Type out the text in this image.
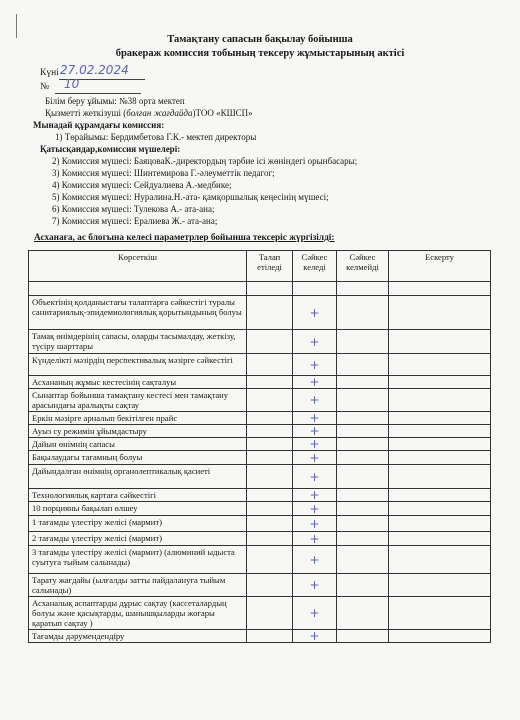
Тамақтану сапасын бақылау бойынша
бракераж комиссия тобының тексеру жұмыстарының актісі
Күні 27.02.2024
№ 10
Білім беру ұйымы: №38 орта мектеп
Қызметті жеткізуші (болған жағдайда)ТОО «КШСП»
Мынадай құрамдағы комиссия:
1) Төрайымы: Бердимбетова Г.К.- мектеп директоры
Қатысқандар,комиссия мүшелері:
2) Комиссия мүшесі: БаяцоваК.-директордың тәрбие ісі жөніндегі орынбасары;
3) Комиссия мүшесі: Шинтемирова Г.-әлеуметтік педагог;
4) Комиссия мүшесі: Сейдуалиева А.-медбике;
5) Комиссия мүшесі: Нуралина.Н.-ата- қамқоршылық кеңесінің мүшесі;
6) Комиссия мүшесі: Тулекова А.- ата-ана;
7) Комиссия мүшесі: Ералиева Ж.- ата-ана;
Асханаға, ас блогына келесі параметрлер бойынша тексеріс жүргізілді:
Көрсеткіш	Талап етіледі	Сәйкес келеді	Сәйкес келмейді	Ескерту

Объектінің қолданыстағы талаптарға сәйкестігі туралы санитариялық-эпидемиологиялық қорытындының болуы		+		
Тамақ өнімдерінің сапасы, оларды тасымалдау, жеткізу, түсіру шарттары		+		
Күнделікті мәзірдің перспективалық мәзірге сәйкестігі		+		
Асхананың жұмыс кестесінің сақталуы		+		
Сынаптар бойынша тамақтану кестесі мен тамақтану арасындағы аралықты сақтау		+		
Еркін мәзірге арналып бекітілген прайс		+		
Ауыз су режимін ұйымдастыру		+		
Дайын өнімнің сапасы		+		
Бақылаудағы тағамның болуы		+		
Дайындалған өнімнің органолептикалық қасиеті		+		
Технологиялық картаға сәйкестігі		+		
10 порцияны бақылап өлшеу		+		
1 тағамды үлестіру желісі (мармит)		+		
2 тағамды үлестіру желісі (мармит)		+		
3 тағамды үлестіру желісі (мармит) (алюминий ыдыста суытуға тыйым салынады)		+		
Тарату жағдайы (ылғалды затты пайдалануға тыйым салынады)		+		
Асханалық аспаптарды дұрыс сақтау (кассеталардың болуы және қасықтарды, шанышқыларды жоғары қаратып сақтау )		+		
Тағамды дәрумендендіру		+		
